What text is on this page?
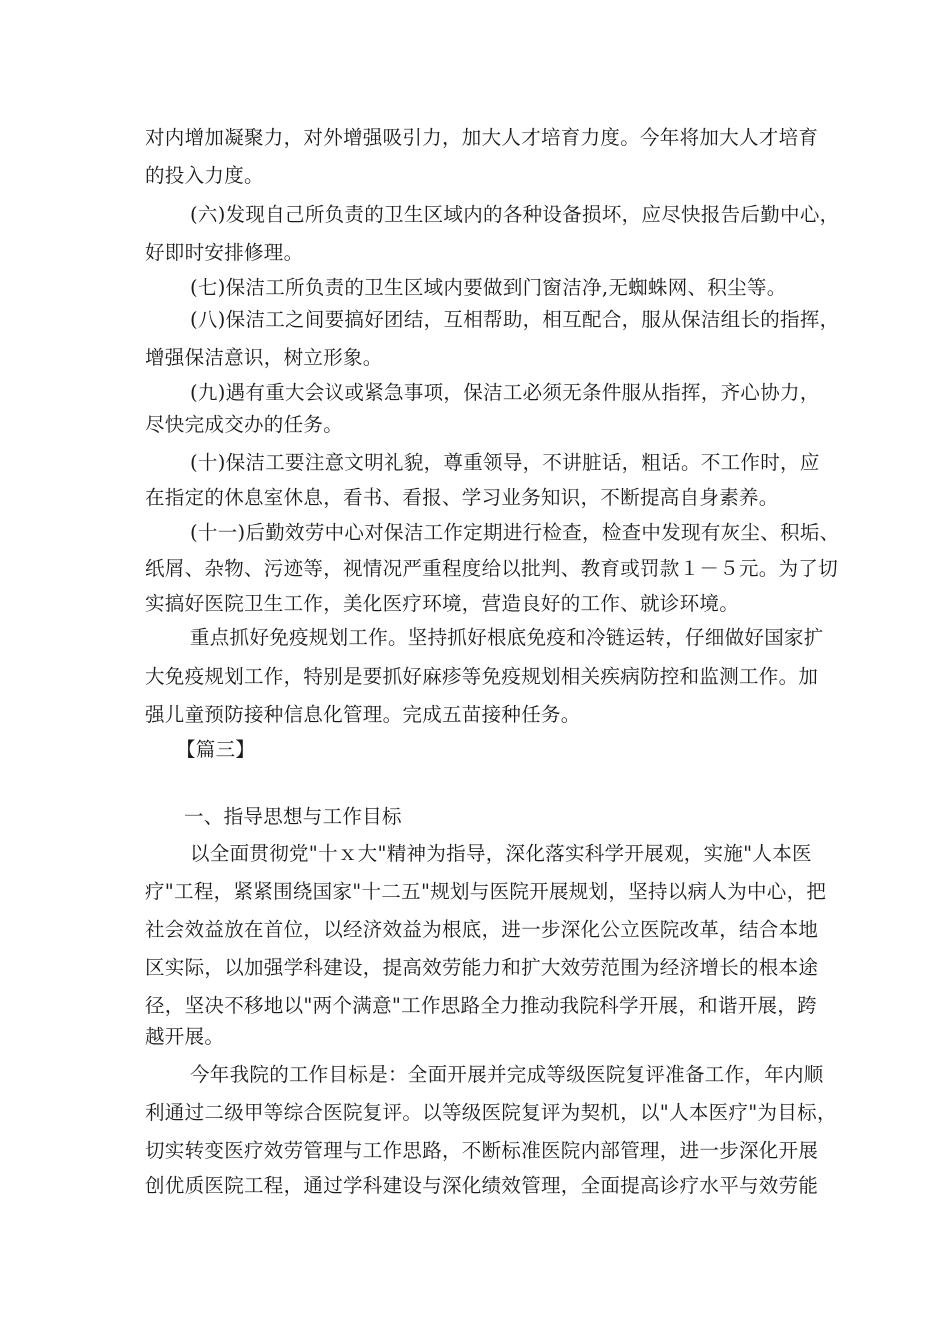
对内增加凝聚力，对外增强吸引力，加大人才培育力度。今年将加大人才培育
的投入力度。
(六)发现自己所负责的卫生区域内的各种设备损坏，应尽快报告后勤中心，
好即时安排修理。
(七)保洁工所负责的卫生区域内要做到门窗洁净,无蜘蛛网、积尘等。
(八)保洁工之间要搞好团结，互相帮助，相互配合，服从保洁组长的指挥，
增强保洁意识，树立形象。
(九)遇有重大会议或紧急事项，保洁工必须无条件服从指挥，齐心协力，
尽快完成交办的任务。
(十)保洁工要注意文明礼貌，尊重领导，不讲脏话，粗话。不工作时，应
在指定的休息室休息，看书、看报、学习业务知识，不断提高自身素养。
(十一)后勤效劳中心对保洁工作定期进行检查，检查中发现有灰尘、积垢、
纸屑、杂物、污迹等，视情况严重程度给以批判、教育或罚款１－５元。为了切
实搞好医院卫生工作，美化医疗环境，营造良好的工作、就诊环境。
重点抓好免疫规划工作。坚持抓好根底免疫和冷链运转，仔细做好国家扩
大免疫规划工作，特别是要抓好麻疹等免疫规划相关疾病防控和监测工作。加
强儿童预防接种信息化管理。完成五苗接种任务。
【篇三】
一、指导思想与工作目标
以全面贯彻党"十ｘ大"精神为指导，深化落实科学开展观，实施"人本医
疗"工程，紧紧围绕国家"十二五"规划与医院开展规划，坚持以病人为中心，把
社会效益放在首位，以经济效益为根底，进一步深化公立医院改革，结合本地
区实际，以加强学科建设，提高效劳能力和扩大效劳范围为经济增长的根本途
径，坚决不移地以"两个满意"工作思路全力推动我院科学开展，和谐开展，跨
越开展。
今年我院的工作目标是：全面开展并完成等级医院复评准备工作，年内顺
利通过二级甲等综合医院复评。以等级医院复评为契机，以"人本医疗"为目标，
切实转变医疗效劳管理与工作思路，不断标准医院内部管理，进一步深化开展
创优质医院工程，通过学科建设与深化绩效管理，全面提高诊疗水平与效劳能
